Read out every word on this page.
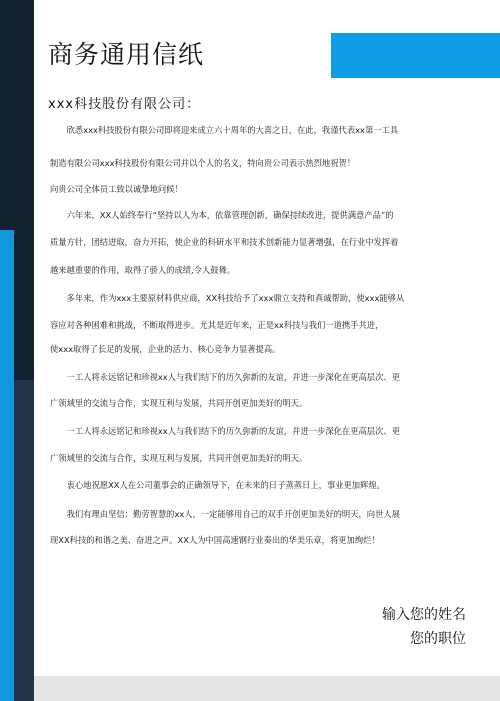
商务通用信纸
xxx科技股份有限公司：
　　欣悉xxx科技股份有限公司即将迎来成立六十周年的大喜之日，在此，我谨代表xx第一工具
制造有限公司xxx科技股份有限公司并以个人的名义，特向贵公司表示热烈地祝贺！
向贵公司全体员工致以诚挚地问候！
　　六年来，XX人始终奉行“坚持以人为本，依靠管理创新，确保持续改进，提供满意产品”的
质量方针，团结进取，奋力开拓，使企业的科研水平和技术创新能力显著增强，在行业中发挥着
越来越重要的作用，取得了骄人的成绩,令人鼓舞。
　　多年来，作为xxx主要原材料供应商，XX科技给予了xxx鼎立支持和真诚帮助，使xxx能够从
容应对各种困难和挑战，不断取得进步。尤其是近年来，正是xx科技与我们一道携手共进，
使xxx取得了长足的发展，企业的活力、核心竞争力显著提高。
　　一工人将永远铭记和珍视xx人与我们结下的历久弥新的友谊，并进一步深化在更高层次、更
广领域里的交流与合作，实现互利与发展，共同开创更加美好的明天。
　　一工人将永远铭记和珍视xx人与我们结下的历久弥新的友谊，并进一步深化在更高层次、更
广领域里的交流与合作，实现互利与发展，共同开创更加美好的明天。
　　衷心地祝愿XX人在公司董事会的正确领导下，在未来的日子蒸蒸日上，事业更加辉煌。
　　我们有理由坚信：勤劳智慧的xx人，一定能够用自己的双手开创更加美好的明天，向世人展
现XX科技的和谐之美、奋进之声。XX人为中国高速钢行业奏出的华美乐章，将更加绚烂！
输入您的姓名
您的职位
